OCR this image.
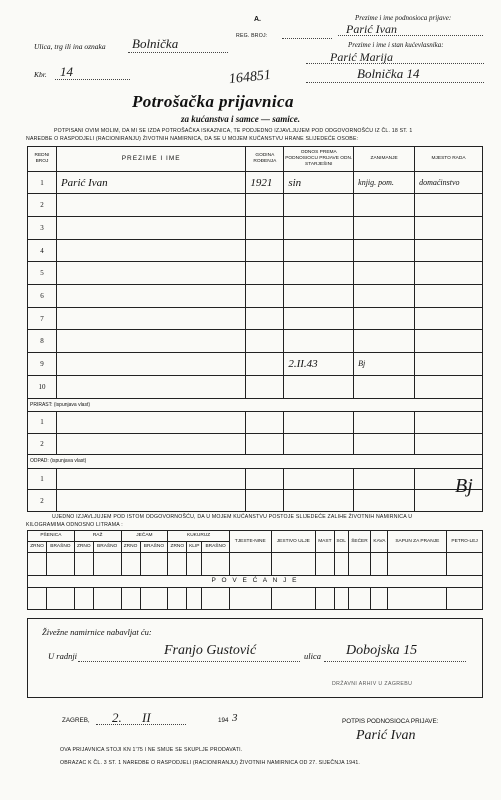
A.
REG. BROJ:
Prezime i ime podnosioca prijave:
Parić Ivan
Prezime i ime i stan kućevlasnika:
Parić Marija
Bolnička 14
Ulica, trg ili ina oznaka Bolnička
Kbr. 14	164851
Potrošačka prijavnica
za kućanstva i samce — samice.
POTPISANI OVIM MOLIM, DA MI SE IZDA POTROŠAČKA ISKAZNICA, TE PODJEDNO IZJAVLJUJEM POD ODGOVORNOŠĆU IZ ČL. 18 ST. 1
NAREDBE O RASPODJELI (RACIONIRANJU) ŽIVOTNIH NAMIRNICA, DA SE U MOJEM KUĆANSTVU HRANE SLIJEDEĆE OSOBE:
REDNI BROJ	PREZIME I IME	GODINA ROĐENJA	ODNOS PREMA PODNOSIOCU PRIJAVE ODN. STARJEŠINI	ZANIMANJE	MJESTO RADA
1	Parić Ivan	1921	sin	knjig. pom.	domaćinstvo
2					
3					
4					
5					
6					
7					
8					
9			2.II.43	Bj	
10					
PRIRAST: (ispunjava vlast)					
1					
2					
ODPAD: (ispunjava vlast)					
1					
2					
Bj
UJEDNO IZJAVLJUJEM POD ISTOM ODGOVORNOŠĆU, DA U MOJEM KUĆANSTVU POSTOJE SLIJEDEĆE ZALIHE ŽIVOTNIH NAMIRNICA U
KILOGRAMIMA ODNOSNO LITRAMA :
PŠENICA		RAŽ		JEČAM		KUKURUZ			TJESTE-NINE	JESTIVO ULJE	MAST	SOL	ŠEĆER	KAVA	SAPUN ZA PRANJE	PETRO-LEJ
ZRNO	BRAŠNO	ZRNO	BRAŠNO	ZRNO	BRAŠNO	ZRNO	KLIP	BRAŠNO								

P O V E Ć A N J E																

Živežne namirnice nabavljat ću:
U radnji	Franjo Gustović	ulica Dobojska 15
DRŽAVNI ARHIV U ZAGREBU
ZAGREB, 2. II	194 3	POTPIS PODNOSIOCA PRIJAVE:
Parić Ivan
OVA PRIJAVNICA STOJI KN 1'75 I NE SMIJE SE SKUPLJE PRODAVATI.
OBRAZAC K ČL. 3 ST. 1 NAREDBE O RASPODJELI (RACIONIRANJU) ŽIVOTNIH NAMIRNICA OD 27. SIJEČNJA 1941.
